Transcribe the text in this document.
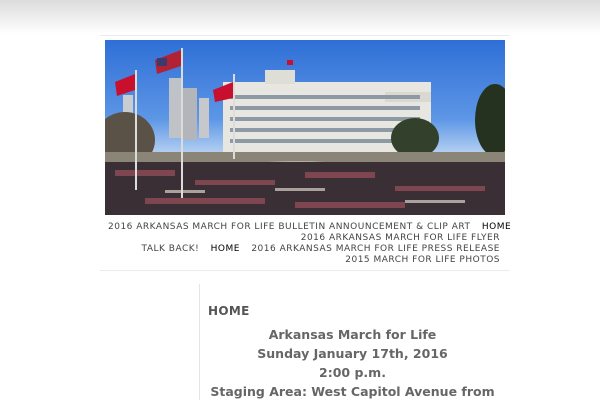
2016 ARKANSAS MARCH FOR LIFE BULLETIN ANNOUNCEMENT & CLIP ART HOME
2016 ARKANSAS MARCH FOR LIFE FLYER
TALK BACK! HOME 2016 ARKANSAS MARCH FOR LIFE PRESS RELEASE
2015 MARCH FOR LIFE PHOTOS
HOME
Arkansas March for Life
Sunday January 17th, 2016
2:00 p.m.
Staging Area: West Capitol Avenue from
